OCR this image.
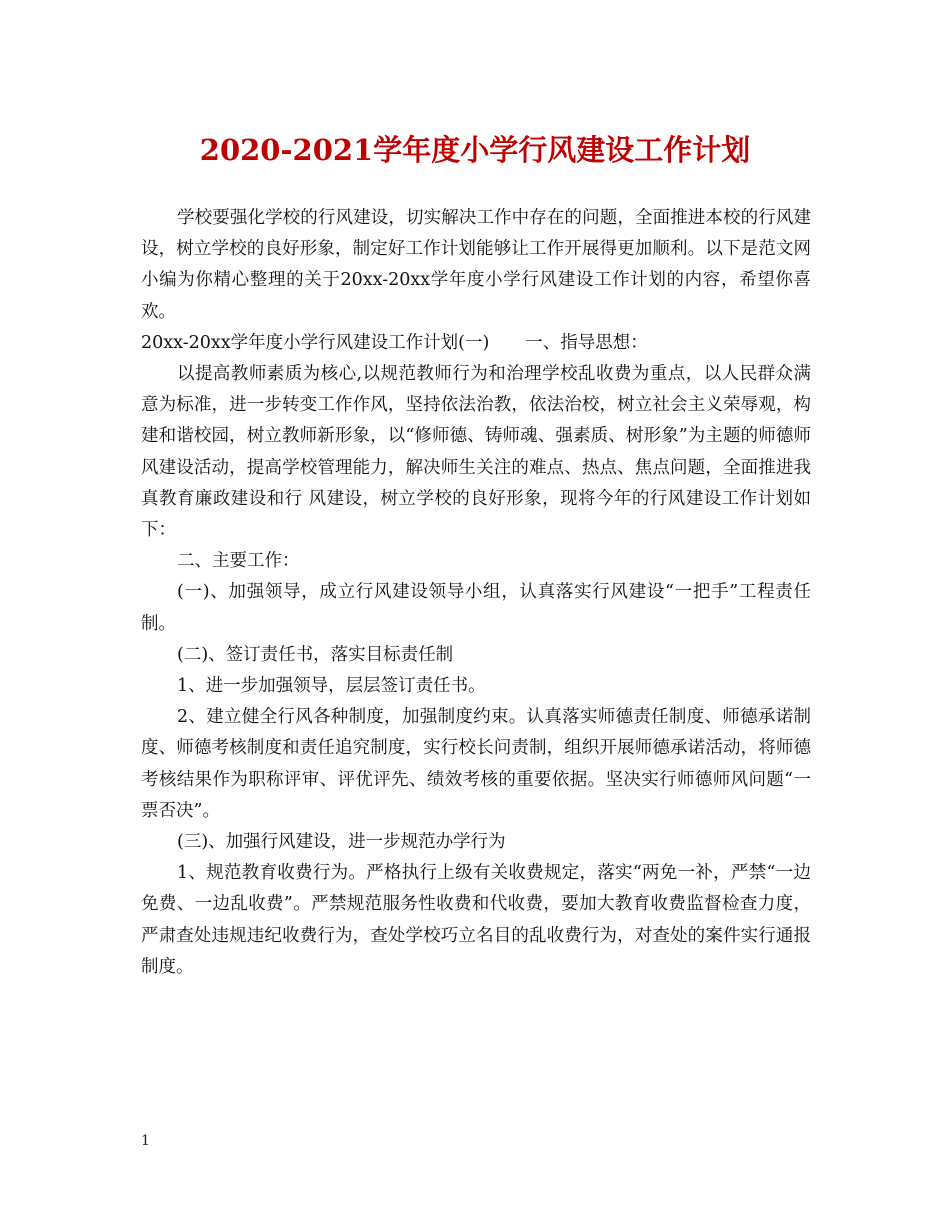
2020-2021学年度小学行风建设工作计划

学校要强化学校的行风建设，切实解决工作中存在的问题，全面推进本校的行风建设，树立学校的良好形象，制定好工作计划能够让工作开展得更加顺利。以下是范文网小编为你精心整理的关于20xx-20xx学年度小学行风建设工作计划的内容，希望你喜欢。

20xx-20xx学年度小学行风建设工作计划(一) 一、指导思想：

以提高教师素质为核心,以规范教师行为和治理学校乱收费为重点，以人民群众满意为标准，进一步转变工作作风，坚持依法治教，依法治校，树立社会主义荣辱观，构建和谐校园，树立教师新形象，以“修师德、铸师魂、强素质、树形象”为主题的师德师风建设活动，提高学校管理能力，解决师生关注的难点、热点、焦点问题，全面推进我真教育廉政建设和行 风建设，树立学校的良好形象，现将今年的行风建设工作计划如下：

二、主要工作：

(一)、加强领导，成立行风建设领导小组，认真落实行风建设“一把手”工程责任制。

(二)、签订责任书，落实目标责任制

1、进一步加强领导，层层签订责任书。

2、建立健全行风各种制度，加强制度约束。认真落实师德责任制度、师德承诺制度、师德考核制度和责任追究制度，实行校长问责制，组织开展师德承诺活动，将师德考核结果作为职称评审、评优评先、绩效考核的重要依据。坚决实行师德师风问题“一票否决”。

(三)、加强行风建设，进一步规范办学行为

1、规范教育收费行为。严格执行上级有关收费规定，落实“两免一补，严禁“一边免费、一边乱收费”。严禁规范服务性收费和代收费，要加大教育收费监督检查力度，严肃查处违规违纪收费行为，查处学校巧立名目的乱收费行为，对查处的案件实行通报制度。

1
